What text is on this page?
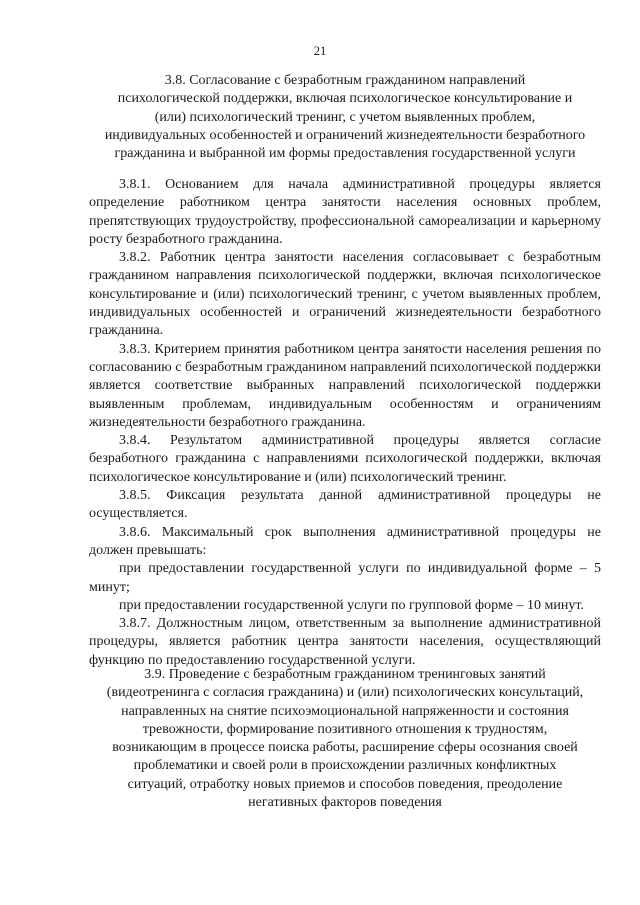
21
3.8. Согласование с безработным гражданином направлений
психологической поддержки, включая психологическое консультирование и
(или) психологический тренинг, с учетом выявленных проблем,
индивидуальных особенностей и ограничений жизнедеятельности безработного
гражданина и выбранной им формы предоставления государственной услуги

3.8.1. Основанием для начала административной процедуры является определение работником центра занятости населения основных проблем, препятствующих трудоустройству, профессиональной самореализации и карьерному росту безработного гражданина.

3.8.2. Работник центра занятости населения согласовывает с безработным гражданином направления психологической поддержки, включая психологическое консультирование и (или) психологический тренинг, с учетом выявленных проблем, индивидуальных особенностей и ограничений жизнедеятельности безработного гражданина.

3.8.3. Критерием принятия работником центра занятости населения решения по согласованию с безработным гражданином направлений психологической поддержки является соответствие выбранных направлений психологической поддержки выявленным проблемам, индивидуальным особенностям и ограничениям жизнедеятельности безработного гражданина.

3.8.4. Результатом административной процедуры является согласие безработного гражданина с направлениями психологической поддержки, включая психологическое консультирование и (или) психологический тренинг.

3.8.5. Фиксация результата данной административной процедуры не осуществляется.

3.8.6. Максимальный срок выполнения административной процедуры не должен превышать:

при предоставлении государственной услуги по индивидуальной форме – 5 минут;

при предоставлении государственной услуги по групповой форме – 10 минут.

3.8.7. Должностным лицом, ответственным за выполнение административной процедуры, является работник центра занятости населения, осуществляющий функцию по предоставлению государственной услуги.

3.9. Проведение с безработным гражданином тренинговых занятий
(видеотренинга с согласия гражданина) и (или) психологических консультаций,
направленных на снятие психоэмоциональной напряженности и состояния
тревожности, формирование позитивного отношения к трудностям,
возникающим в процессе поиска работы, расширение сферы осознания своей
проблематики и своей роли в происхождении различных конфликтных
ситуаций, отработку новых приемов и способов поведения, преодоление
негативных факторов поведения
